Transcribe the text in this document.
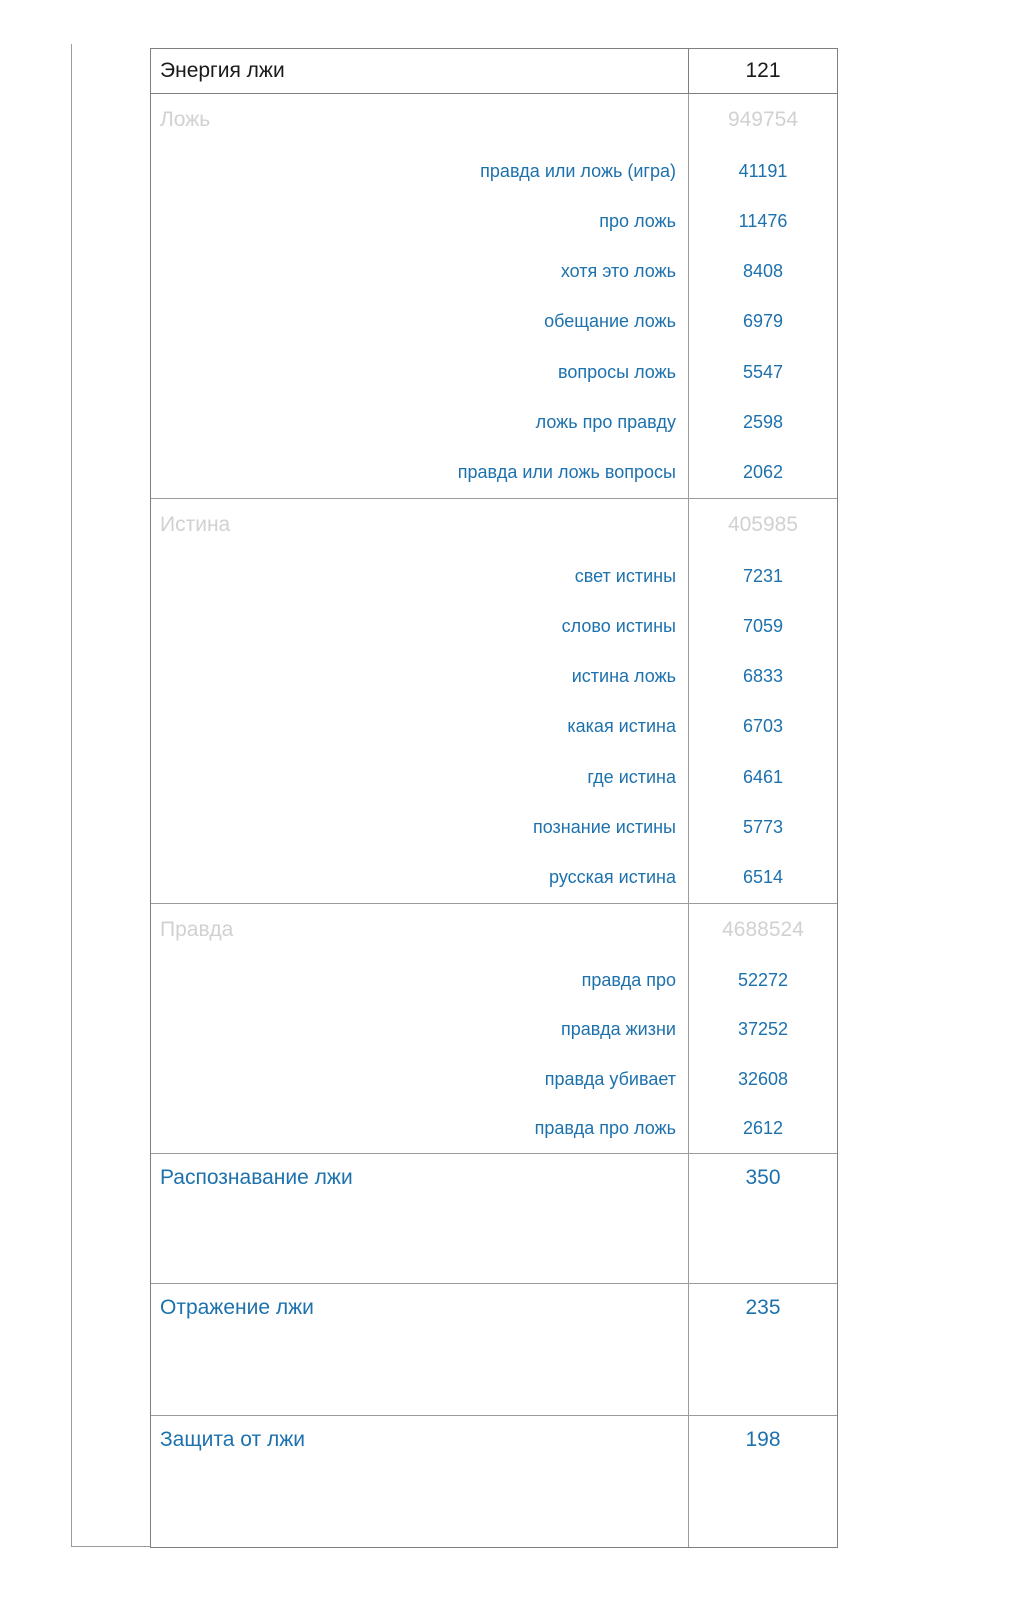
Энергия лжи	121
Ложь	949754
правда или ложь (игра)	41191
про ложь	11476
хотя это ложь	8408
обещание ложь	6979
вопросы ложь	5547
ложь про правду	2598
правда или ложь вопросы	2062
Истина	405985
свет истины	7231
слово истины	7059
истина ложь	6833
какая истина	6703
где истина	6461
познание истины	5773
русская истина	6514
Правда	4688524
правда про	52272
правда жизни	37252
правда убивает	32608
правда про ложь	2612
Распознавание лжи	350
Отражение лжи	235
Защита от лжи	198
